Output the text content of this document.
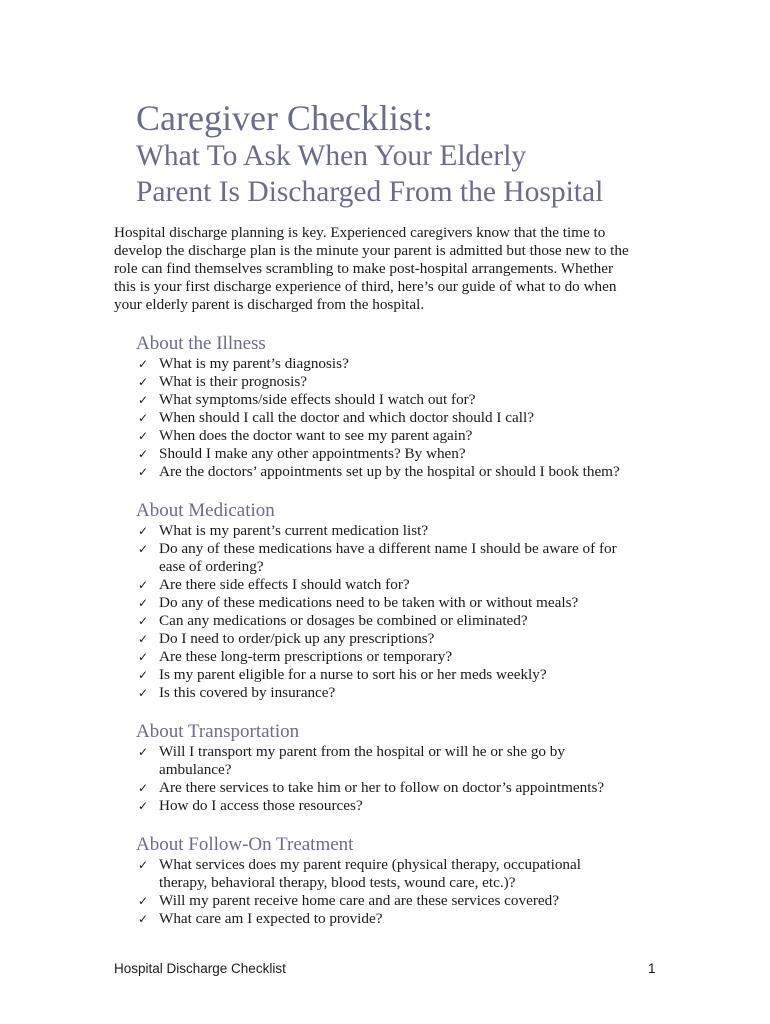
Caregiver Checklist:
What To Ask When Your Elderly
Parent Is Discharged From the Hospital

Hospital discharge planning is key. Experienced caregivers know that the time to
develop the discharge plan is the minute your parent is admitted but those new to the
role can find themselves scrambling to make post-hospital arrangements. Whether
this is your first discharge experience of third, here’s our guide of what to do when
your elderly parent is discharged from the hospital.

About the Illness
✓ What is my parent’s diagnosis?
✓ What is their prognosis?
✓ What symptoms/side effects should I watch out for?
✓ When should I call the doctor and which doctor should I call?
✓ When does the doctor want to see my parent again?
✓ Should I make any other appointments? By when?
✓ Are the doctors’ appointments set up by the hospital or should I book them?
About Medication
✓ What is my parent’s current medication list?
✓ Do any of these medications have a different name I should be aware of for
ease of ordering?
✓ Are there side effects I should watch for?
✓ Do any of these medications need to be taken with or without meals?
✓ Can any medications or dosages be combined or eliminated?
✓ Do I need to order/pick up any prescriptions?
✓ Are these long-term prescriptions or temporary?
✓ Is my parent eligible for a nurse to sort his or her meds weekly?
✓ Is this covered by insurance?
About Transportation
✓ Will I transport my parent from the hospital or will he or she go by
ambulance?
✓ Are there services to take him or her to follow on doctor’s appointments?
✓ How do I access those resources?
About Follow-On Treatment
✓ What services does my parent require (physical therapy, occupational
therapy, behavioral therapy, blood tests, wound care, etc.)?
✓ Will my parent receive home care and are these services covered?
✓ What care am I expected to provide?
Hospital Discharge Checklist	1
